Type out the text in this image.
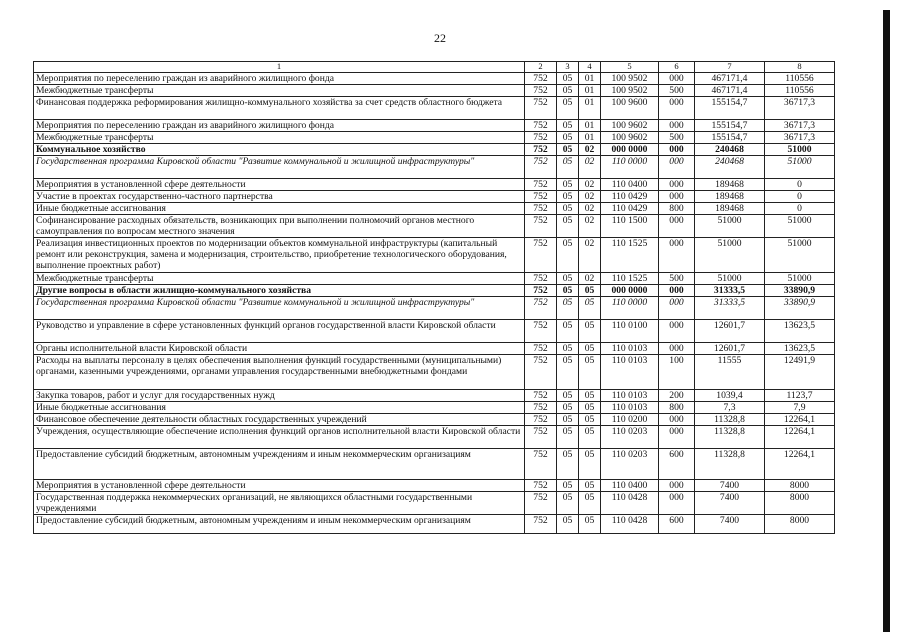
22
1	2	3	4	5	6	7	8
Мероприятия по переселению граждан из аварийного жилищного фонда	752	05	01	100 9502	000	467171,4	110556
Межбюджетные трансферты	752	05	01	100 9502	500	467171,4	110556
Финансовая поддержка реформирования жилищно-коммунального хозяйства за счет средств областного бюджета	752	05	01	100 9600	000	155154,7	36717,3
Мероприятия по переселению граждан из аварийного жилищного фонда	752	05	01	100 9602	000	155154,7	36717,3
Межбюджетные трансферты	752	05	01	100 9602	500	155154,7	36717,3
Коммунальное хозяйство	752	05	02	000 0000	000	240468	51000
Государственная программа Кировской области "Развитие коммунальной и жилищной инфраструктуры"	752	05	02	110 0000	000	240468	51000
Мероприятия в установленной сфере деятельности	752	05	02	110 0400	000	189468	0
Участие в проектах государственно-частного партнерства	752	05	02	110 0429	000	189468	0
Иные бюджетные ассигнования	752	05	02	110 0429	800	189468	0
Софинансирование расходных обязательств, возникающих при выполнении полномочий органов местного самоуправления по вопросам местного значения	752	05	02	110 1500	000	51000	51000
Реализация инвестиционных проектов по модернизации объектов коммунальной инфраструктуры (капитальный ремонт или реконструкция, замена и модернизация, строительство, приобретение технологического оборудования, выполнение проектных работ)	752	05	02	110 1525	000	51000	51000
Межбюджетные трансферты	752	05	02	110 1525	500	51000	51000
Другие вопросы в области жилищно-коммунального хозяйства	752	05	05	000 0000	000	31333,5	33890,9
Государственная программа Кировской области "Развитие коммунальной и жилищной инфраструктуры"	752	05	05	110 0000	000	31333,5	33890,9
Руководство и управление в сфере установленных функций органов государственной власти Кировской области	752	05	05	110 0100	000	12601,7	13623,5
Органы исполнительной власти Кировской области	752	05	05	110 0103	000	12601,7	13623,5
Расходы на выплаты персоналу в целях обеспечения выполнения функций государственными (муниципальными) органами, казенными учреждениями, органами управления государственными внебюджетными фондами	752	05	05	110 0103	100	11555	12491,9
Закупка товаров, работ и услуг для государственных нужд	752	05	05	110 0103	200	1039,4	1123,7
Иные бюджетные ассигнования	752	05	05	110 0103	800	7,3	7,9
Финансовое обеспечение деятельности областных государственных учреждений	752	05	05	110 0200	000	11328,8	12264,1
Учреждения, осуществляющие обеспечение исполнения функций органов исполнительной власти Кировской области	752	05	05	110 0203	000	11328,8	12264,1
Предоставление субсидий бюджетным, автономным учреждениям и иным некоммерческим организациям	752	05	05	110 0203	600	11328,8	12264,1
Мероприятия в установленной сфере деятельности	752	05	05	110 0400	000	7400	8000
Государственная поддержка некоммерческих организаций, не являющихся областными государственными учреждениями	752	05	05	110 0428	000	7400	8000
Предоставление субсидий бюджетным, автономным учреждениям и иным некоммерческим организациям	752	05	05	110 0428	600	7400	8000
